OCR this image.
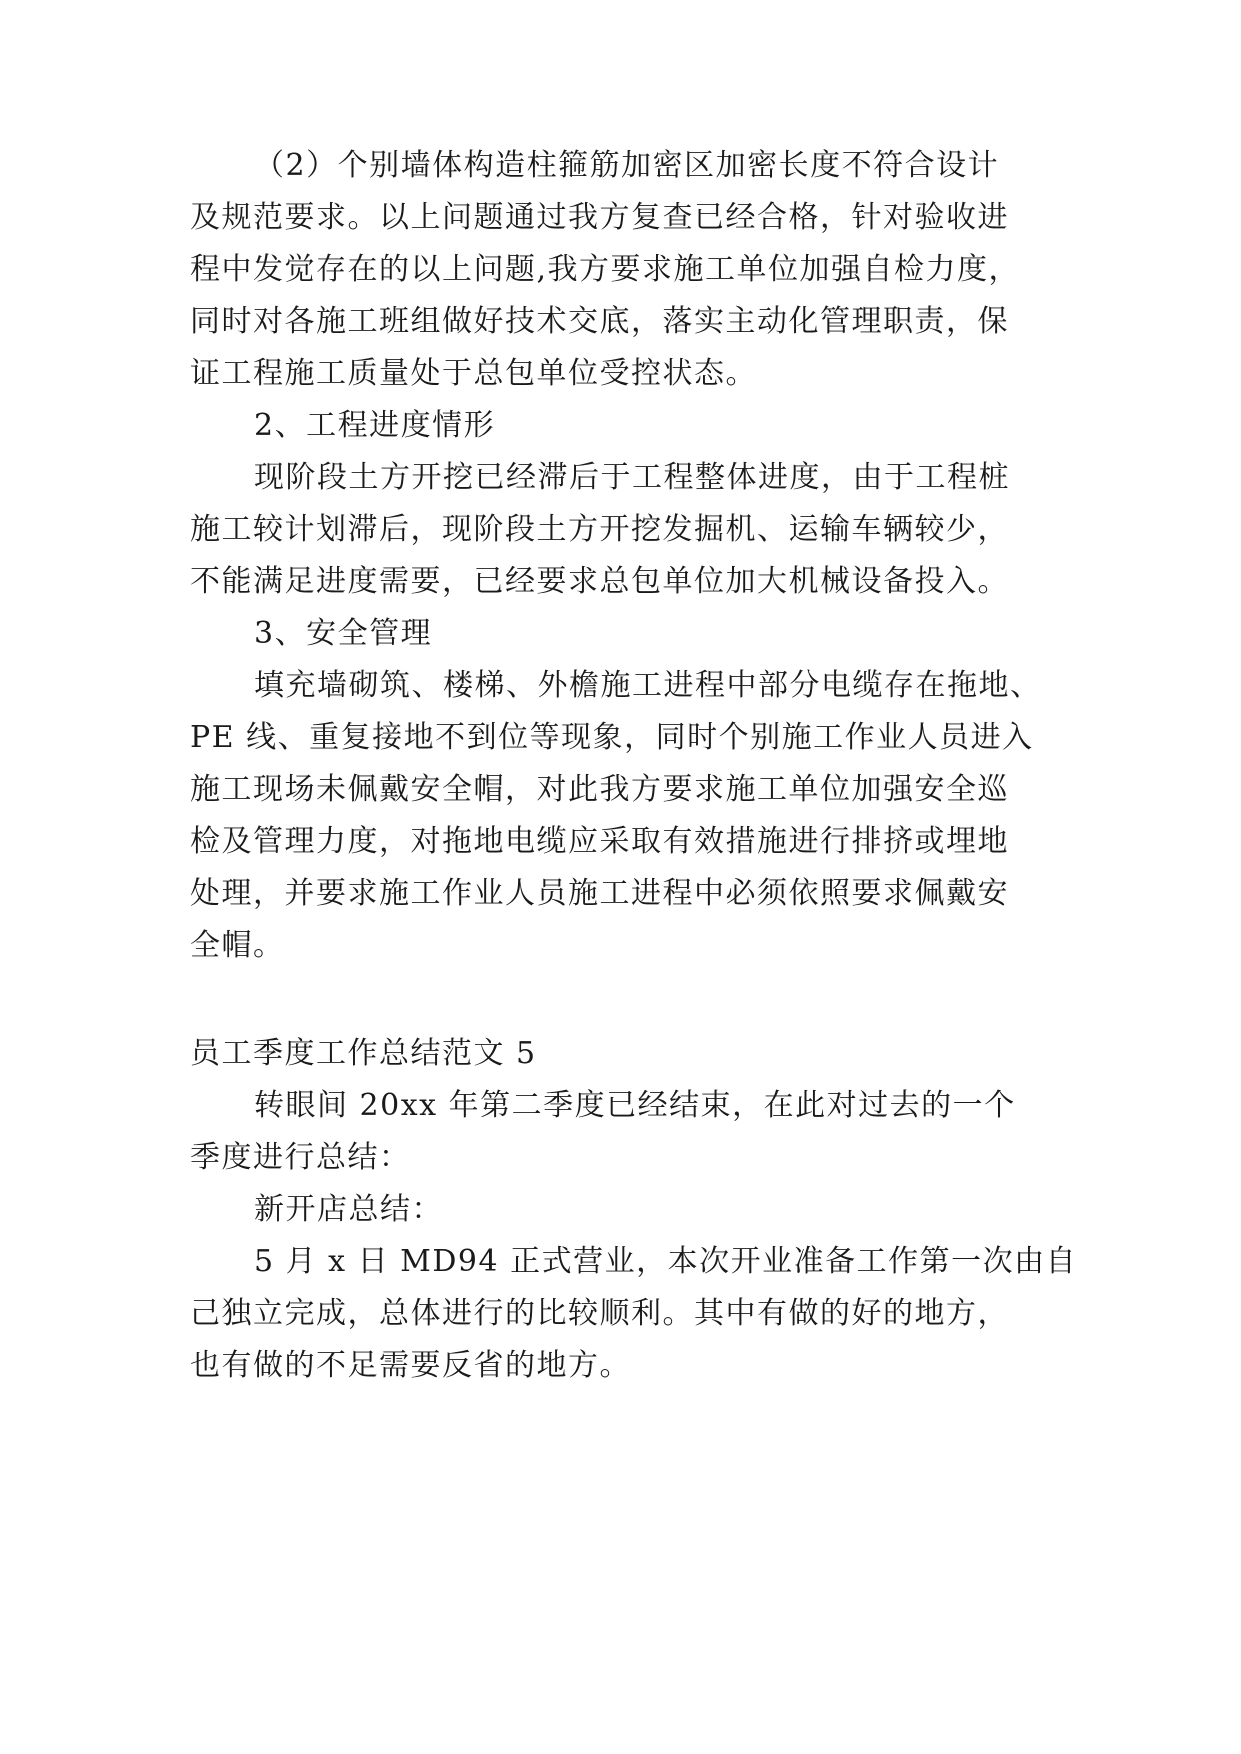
（2）个别墙体构造柱箍筋加密区加密长度不符合设计

及规范要求。以上问题通过我方复查已经合格，针对验收进

程中发觉存在的以上问题,我方要求施工单位加强自检力度，

同时对各施工班组做好技术交底，落实主动化管理职责，保

证工程施工质量处于总包单位受控状态。

2、工程进度情形

现阶段土方开挖已经滞后于工程整体进度，由于工程桩

施工较计划滞后，现阶段土方开挖发掘机、运输车辆较少，

不能满足进度需要，已经要求总包单位加大机械设备投入。

3、安全管理

填充墙砌筑、楼梯、外檐施工进程中部分电缆存在拖地、

PE 线、重复接地不到位等现象，同时个别施工作业人员进入

施工现场未佩戴安全帽，对此我方要求施工单位加强安全巡

检及管理力度，对拖地电缆应采取有效措施进行排挤或埋地

处理，并要求施工作业人员施工进程中必须依照要求佩戴安

全帽。

员工季度工作总结范文 5

转眼间 20xx 年第二季度已经结束，在此对过去的一个

季度进行总结：

新开店总结：

5 月 x 日 MD94 正式营业，本次开业准备工作第一次由自

己独立完成，总体进行的比较顺利。其中有做的好的地方，

也有做的不足需要反省的地方。
